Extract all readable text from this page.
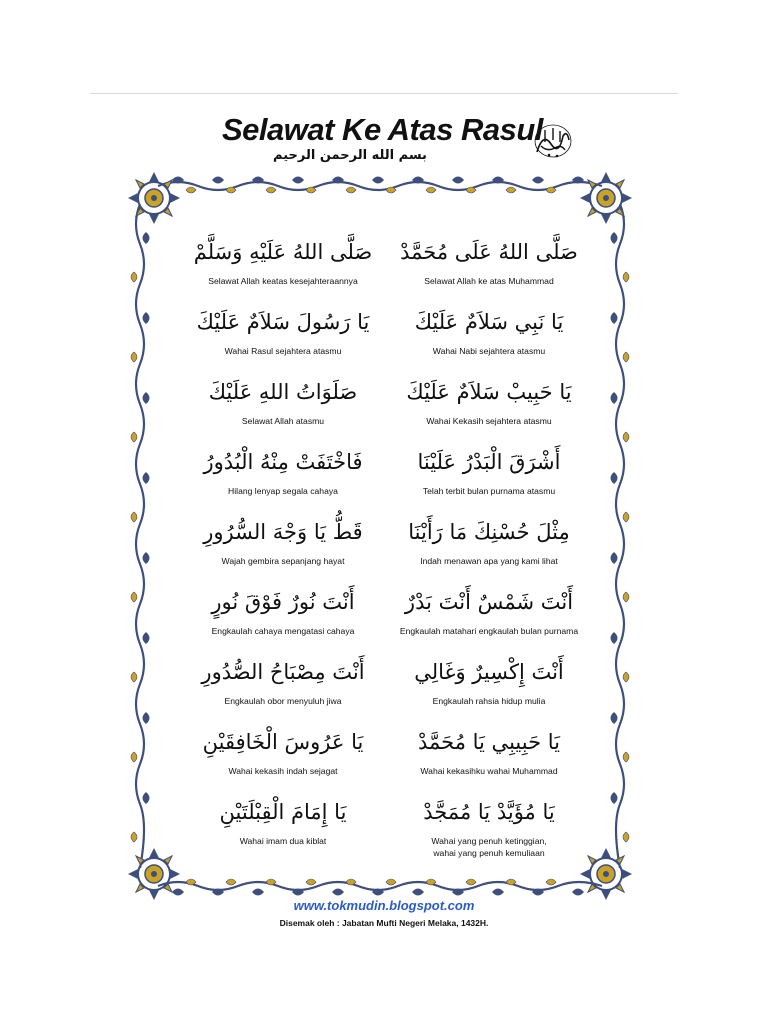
Selawat Ke Atas Rasul
بسم الله الرحمن الرحيم
صَلَّى اللهُ عَلَى مُحَمَّدْ
Selawat Allah ke atas Muhammad
صَلَّى اللهُ عَلَيْهِ وَسَلَّمْ
Selawat Allah keatas kesejahteraannya
يَا نَبِي سَلاَمٌ عَلَيْكَ
Wahai Nabi sejahtera atasmu
يَا رَسُولَ سَلاَمٌ عَلَيْكَ
Wahai Rasul sejahtera atasmu
يَا حَبِيبْ سَلاَمٌ عَلَيْكَ
Wahai Kekasih sejahtera atasmu
صَلَوَاتُ اللهِ عَلَيْكَ
Selawat Allah atasmu
أَشْرَقَ الْبَدْرُ عَلَيْنَا
Telah terbit bulan purnama atasmu
فَاخْتَفَتْ مِنْهُ الْبُدُورُ
Hilang lenyap segala cahaya
مِثْلَ حُسْنِكَ مَا رَأَيْنَا
Indah menawan apa yang kami lihat
قَطُّ يَا وَجْهَ السُّرُورِ
Wajah gembira sepanjang hayat
أَنْتَ شَمْسٌ أَنْتَ بَدْرٌ
Engkaulah matahari engkaulah bulan purnama
أَنْتَ نُورٌ فَوْقَ نُورٍ
Engkaulah cahaya mengatasi cahaya
أَنْتَ إِكْسِيرٌ وَغَالِي
Engkaulah rahsia hidup mulia
أَنْتَ مِصْبَاحُ الصُّدُورِ
Engkaulah obor menyuluh jiwa
يَا حَبِيبِي يَا مُحَمَّدْ
Wahai kekasihku wahai Muhammad
يَا عَرُوسَ الْخَافِقَيْنِ
Wahai kekasih indah sejagat
يَا مُؤَيَّدْ يَا مُمَجَّدْ
Wahai yang penuh ketinggian,
wahai yang penuh kemuliaan
يَا إِمَامَ الْقِبْلَتَيْنِ
Wahai imam dua kiblat
www.tokmudin.blogspot.com
Disemak oleh : Jabatan Mufti Negeri Melaka, 1432H.
